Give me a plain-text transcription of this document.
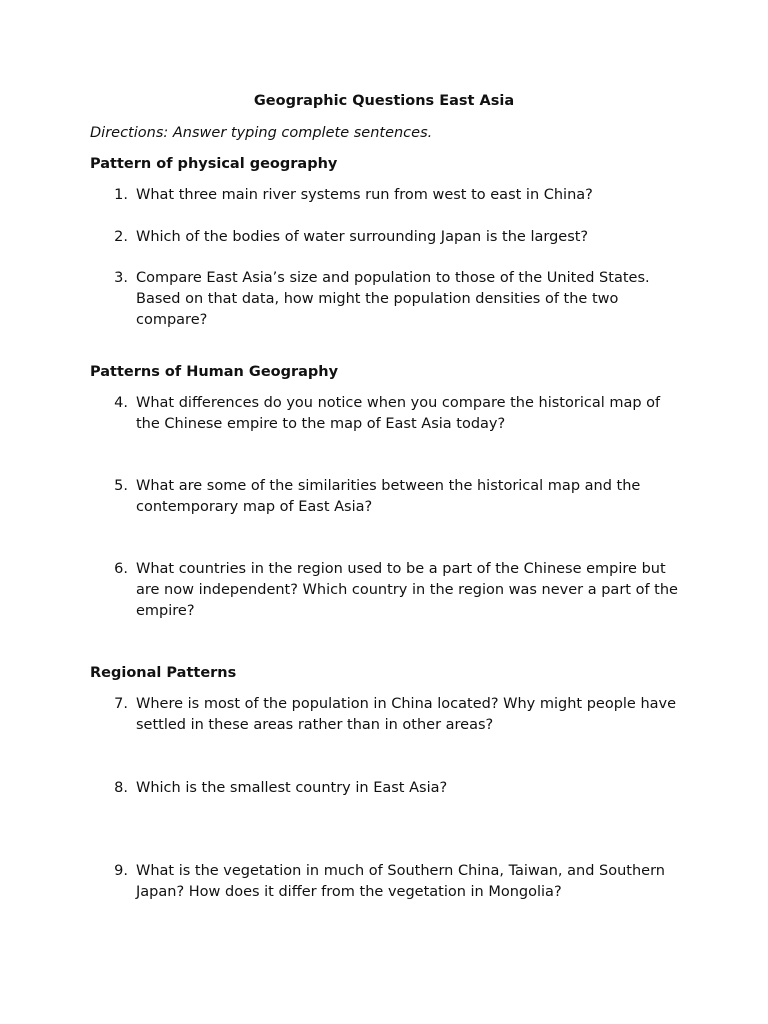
Geographic Questions East Asia
Directions: Answer typing complete sentences.
Pattern of physical geography
1. What three main river systems run from west to east in China?
2. Which of the bodies of water surrounding Japan is the largest?
3. Compare East Asia’s size and population to those of the United States. Based on that data, how might the population densities of the two compare?
Patterns of Human Geography
4. What differences do you notice when you compare the historical map of the Chinese empire to the map of East Asia today?
5. What are some of the similarities between the historical map and the contemporary map of East Asia?
6. What countries in the region used to be a part of the Chinese empire but are now independent? Which country in the region was never a part of the empire?
Regional Patterns
7. Where is most of the population in China located? Why might people have settled in these areas rather than in other areas?
8. Which is the smallest country in East Asia?
9. What is the vegetation in much of Southern China, Taiwan, and Southern Japan? How does it differ from the vegetation in Mongolia?
